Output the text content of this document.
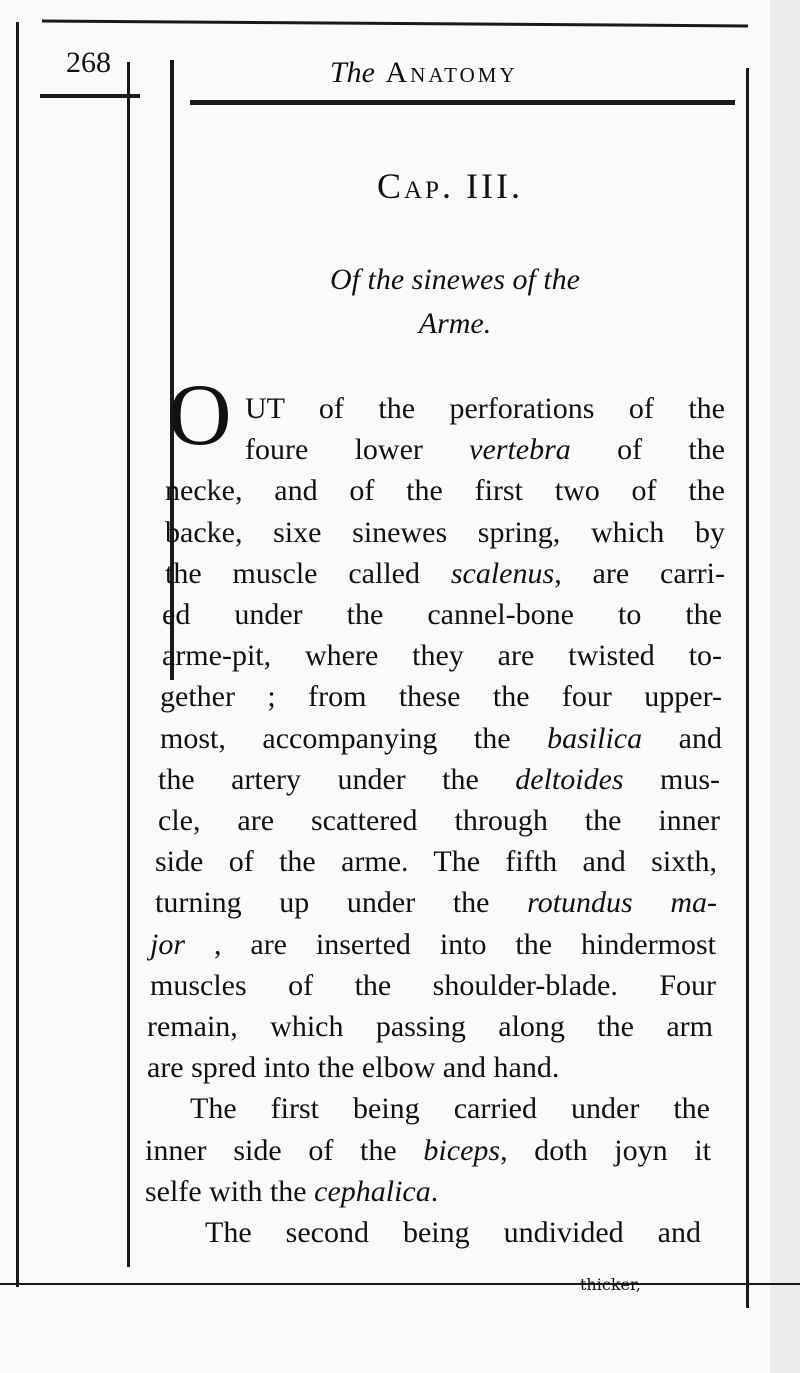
268	The Anatomy
Cap. III.
Of the sinewes of the
Arme.
O UT of the perforations of the
foure lower vertebra of the
necke, and of the first two of the
backe, sixe sinewes spring, which by
the muscle called scalenus, are carri-
ed under the cannel-bone to the
arme-pit, where they are twisted to-
gether ; from these the four upper-
most, accompanying the basilica and
the artery under the deltoides mus-
cle, are scattered through the inner
side of the arme. The fifth and sixth,
turning up under the rotundus ma-
jor , are inserted into the hindermost
muscles of the shoulder-blade. Four
remain, which passing along the arm
are spred into the elbow and hand.
The first being carried under the
inner side of the biceps, doth joyn it
selfe with the cephalica.
The second being undivided and
thicker,
